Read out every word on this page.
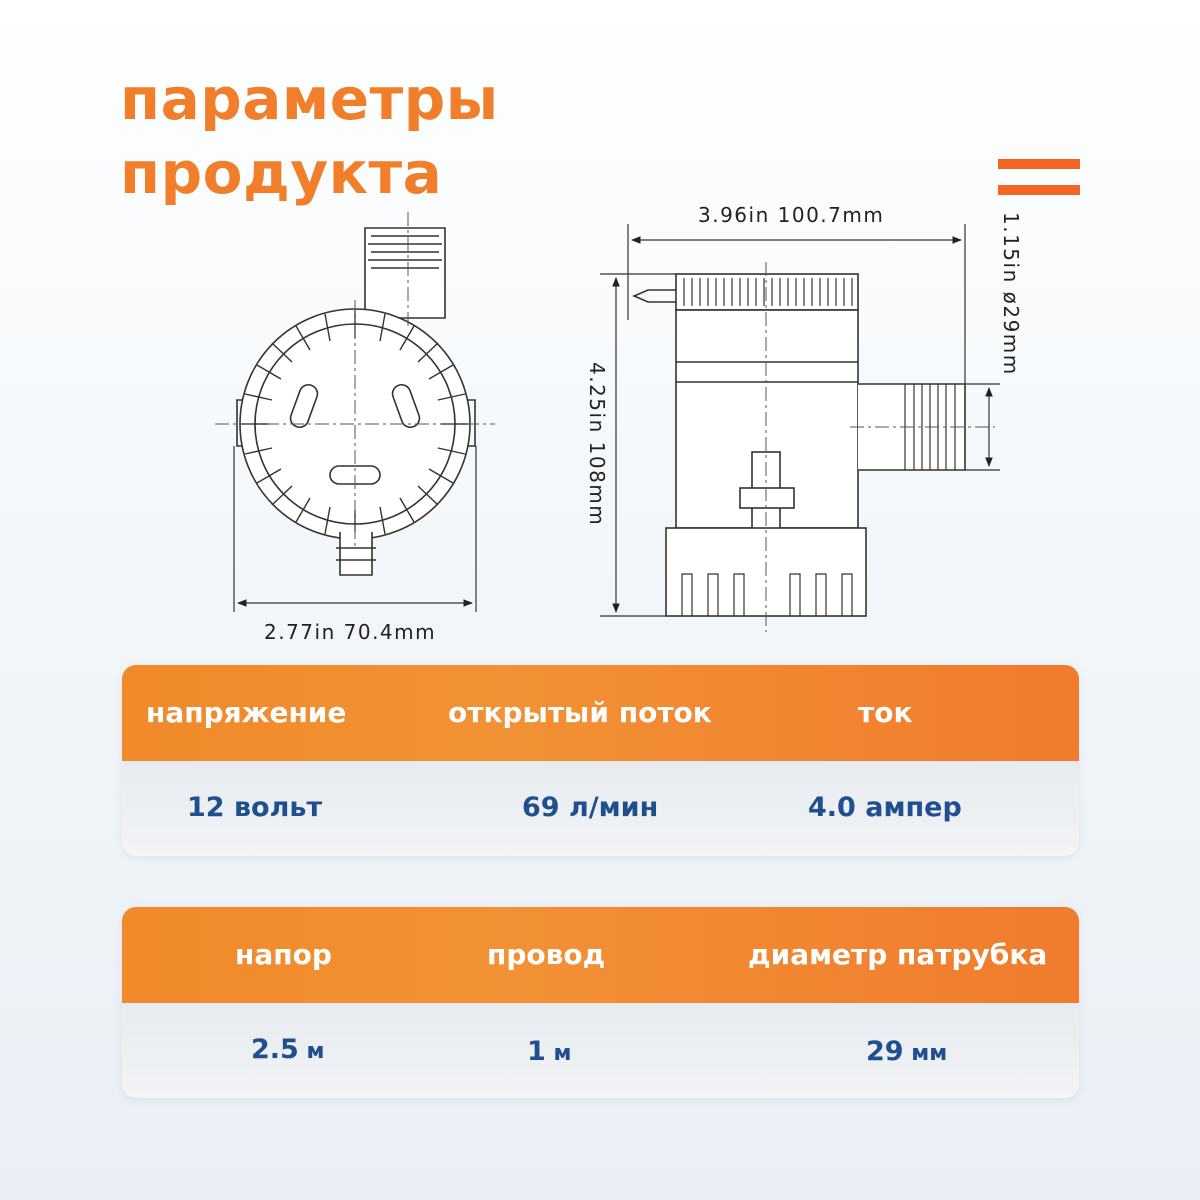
параметры
продукта
2.77in 70.4mm
3.96in 100.7mm
4.25in 108mm
1.15in ø29mm
напряжение	открытый поток	ток
12 вольт	69 л/мин	4.0 ампер
напор	провод	диаметр патрубка
2.5 м	1 м	29 мм
